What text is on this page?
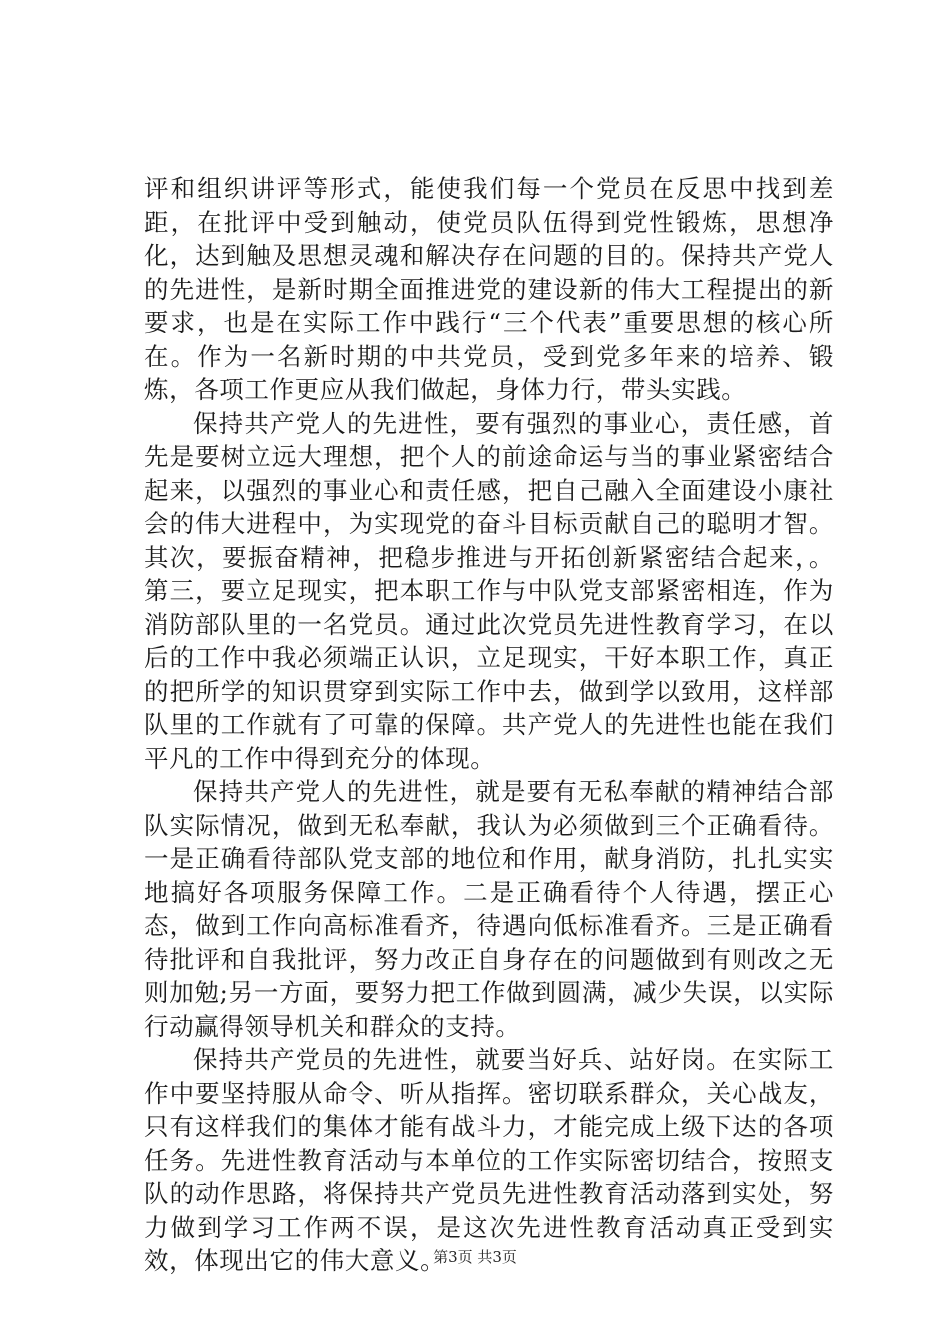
评和组织讲评等形式，能使我们每一个党员在反思中找到差距，在批评中受到触动，使党员队伍得到党性锻炼，思想净化，达到触及思想灵魂和解决存在问题的目的。保持共产党人的先进性，是新时期全面推进党的建设新的伟大工程提出的新要求，也是在实际工作中践行“三个代表”重要思想的核心所在。作为一名新时期的中共党员，受到党多年来的培养、锻炼，各项工作更应从我们做起，身体力行，带头实践。

保持共产党人的先进性，要有强烈的事业心，责任感，首先是要树立远大理想，把个人的前途命运与当的事业紧密结合起来，以强烈的事业心和责任感，把自己融入全面建设小康社会的伟大进程中，为实现党的奋斗目标贡献自己的聪明才智。其次，要振奋精神，把稳步推进与开拓创新紧密结合起来，。第三，要立足现实，把本职工作与中队党支部紧密相连，作为消防部队里的一名党员。通过此次党员先进性教育学习，在以后的工作中我必须端正认识，立足现实，干好本职工作，真正的把所学的知识贯穿到实际工作中去，做到学以致用，这样部队里的工作就有了可靠的保障。共产党人的先进性也能在我们平凡的工作中得到充分的体现。

保持共产党人的先进性，就是要有无私奉献的精神结合部队实际情况，做到无私奉献，我认为必须做到三个正确看待。一是正确看待部队党支部的地位和作用，献身消防，扎扎实实地搞好各项服务保障工作。二是正确看待个人待遇，摆正心态，做到工作向高标准看齐，待遇向低标准看齐。三是正确看待批评和自我批评，努力改正自身存在的问题做到有则改之无则加勉;另一方面，要努力把工作做到圆满，减少失误，以实际行动赢得领导机关和群众的支持。

保持共产党员的先进性，就要当好兵、站好岗。在实际工作中要坚持服从命令、听从指挥。密切联系群众，关心战友，只有这样我们的集体才能有战斗力，才能完成上级下达的各项任务。先进性教育活动与本单位的工作实际密切结合，按照支队的动作思路，将保持共产党员先进性教育活动落到实处，努力做到学习工作两不误，是这次先进性教育活动真正受到实效，体现出它的伟大意义。

第3页 共3页
